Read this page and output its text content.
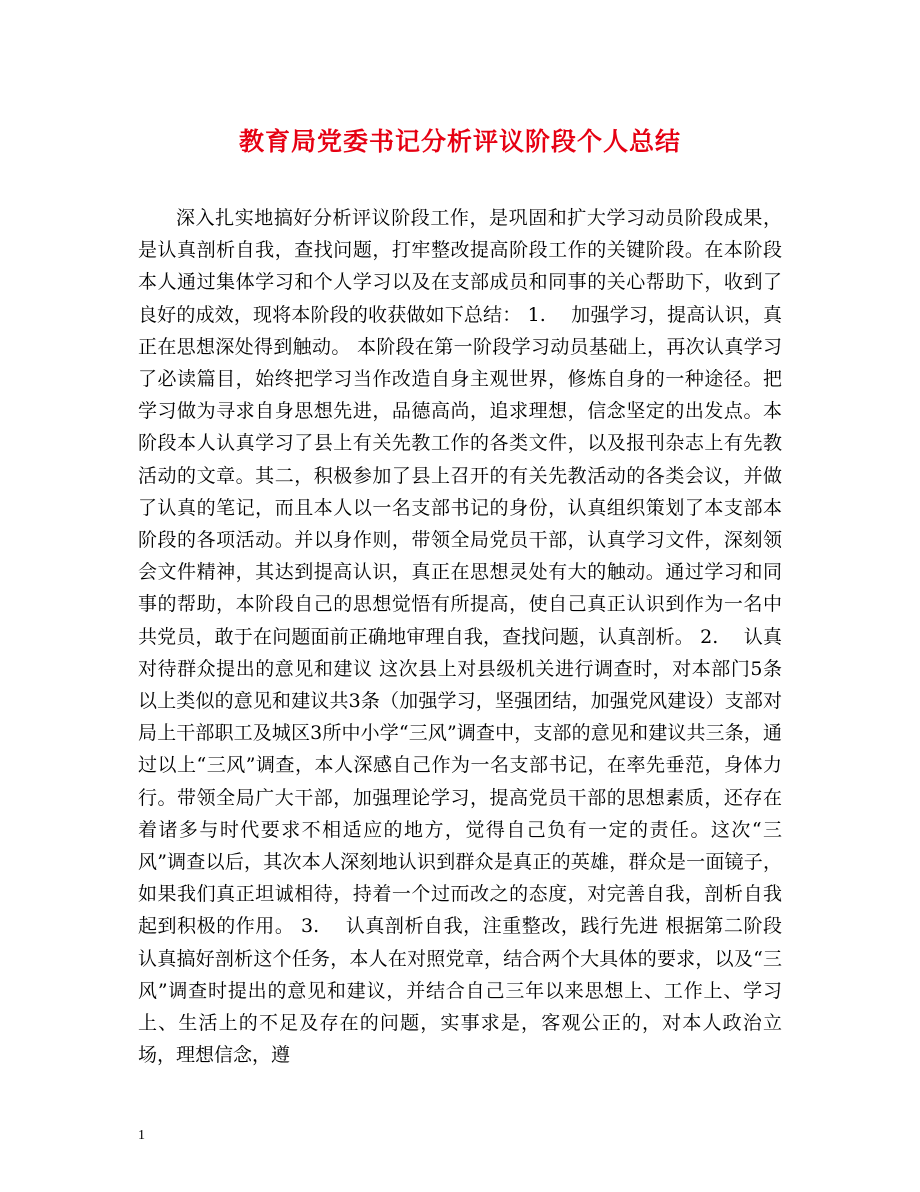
教育局党委书记分析评议阶段个人总结

深入扎实地搞好分析评议阶段工作，是巩固和扩大学习动员阶段成果，是认真剖析自我，查找问题，打牢整改提高阶段工作的关键阶段。在本阶段本人通过集体学习和个人学习以及在支部成员和同事的关心帮助下，收到了良好的成效，现将本阶段的收获做如下总结： 1.　 加强学习，提高认识，真正在思想深处得到触动。 本阶段在第一阶段学习动员基础上，再次认真学习了必读篇目，始终把学习当作改造自身主观世界，修炼自身的一种途径。把学习做为寻求自身思想先进，品德高尚，追求理想，信念坚定的出发点。本阶段本人认真学习了县上有关先教工作的各类文件，以及报刊杂志上有先教活动的文章。其二，积极参加了县上召开的有关先教活动的各类会议，并做了认真的笔记，而且本人以一名支部书记的身份，认真组织策划了本支部本阶段的各项活动。并以身作则，带领全局党员干部，认真学习文件，深刻领会文件精神，其达到提高认识，真正在思想灵处有大的触动。通过学习和同事的帮助，本阶段自己的思想觉悟有所提高，使自己真正认识到作为一名中共党员，敢于在问题面前正确地审理自我，查找问题，认真剖析。 2.　 认真对待群众提出的意见和建议 这次县上对县级机关进行调查时，对本部门5条以上类似的意见和建议共3条（加强学习，坚强团结，加强党风建设）支部对局上干部职工及城区3所中小学“三风”调查中，支部的意见和建议共三条，通过以上“三风”调查，本人深感自己作为一名支部书记，在率先垂范，身体力行。带领全局广大干部，加强理论学习，提高党员干部的思想素质，还存在着诸多与时代要求不相适应的地方，觉得自己负有一定的责任。这次“三风”调查以后，其次本人深刻地认识到群众是真正的英雄，群众是一面镜子，如果我们真正坦诚相待，持着一个过而改之的态度，对完善自我，剖析自我起到积极的作用。 3.　 认真剖析自我，注重整改，践行先进 根据第二阶段认真搞好剖析这个任务，本人在对照党章，结合两个大具体的要求，以及“三风”调查时提出的意见和建议，并结合自己三年以来思想上、工作上、学习上、生活上的不足及存在的问题，实事求是，客观公正的，对本人政治立场，理想信念，遵

1
